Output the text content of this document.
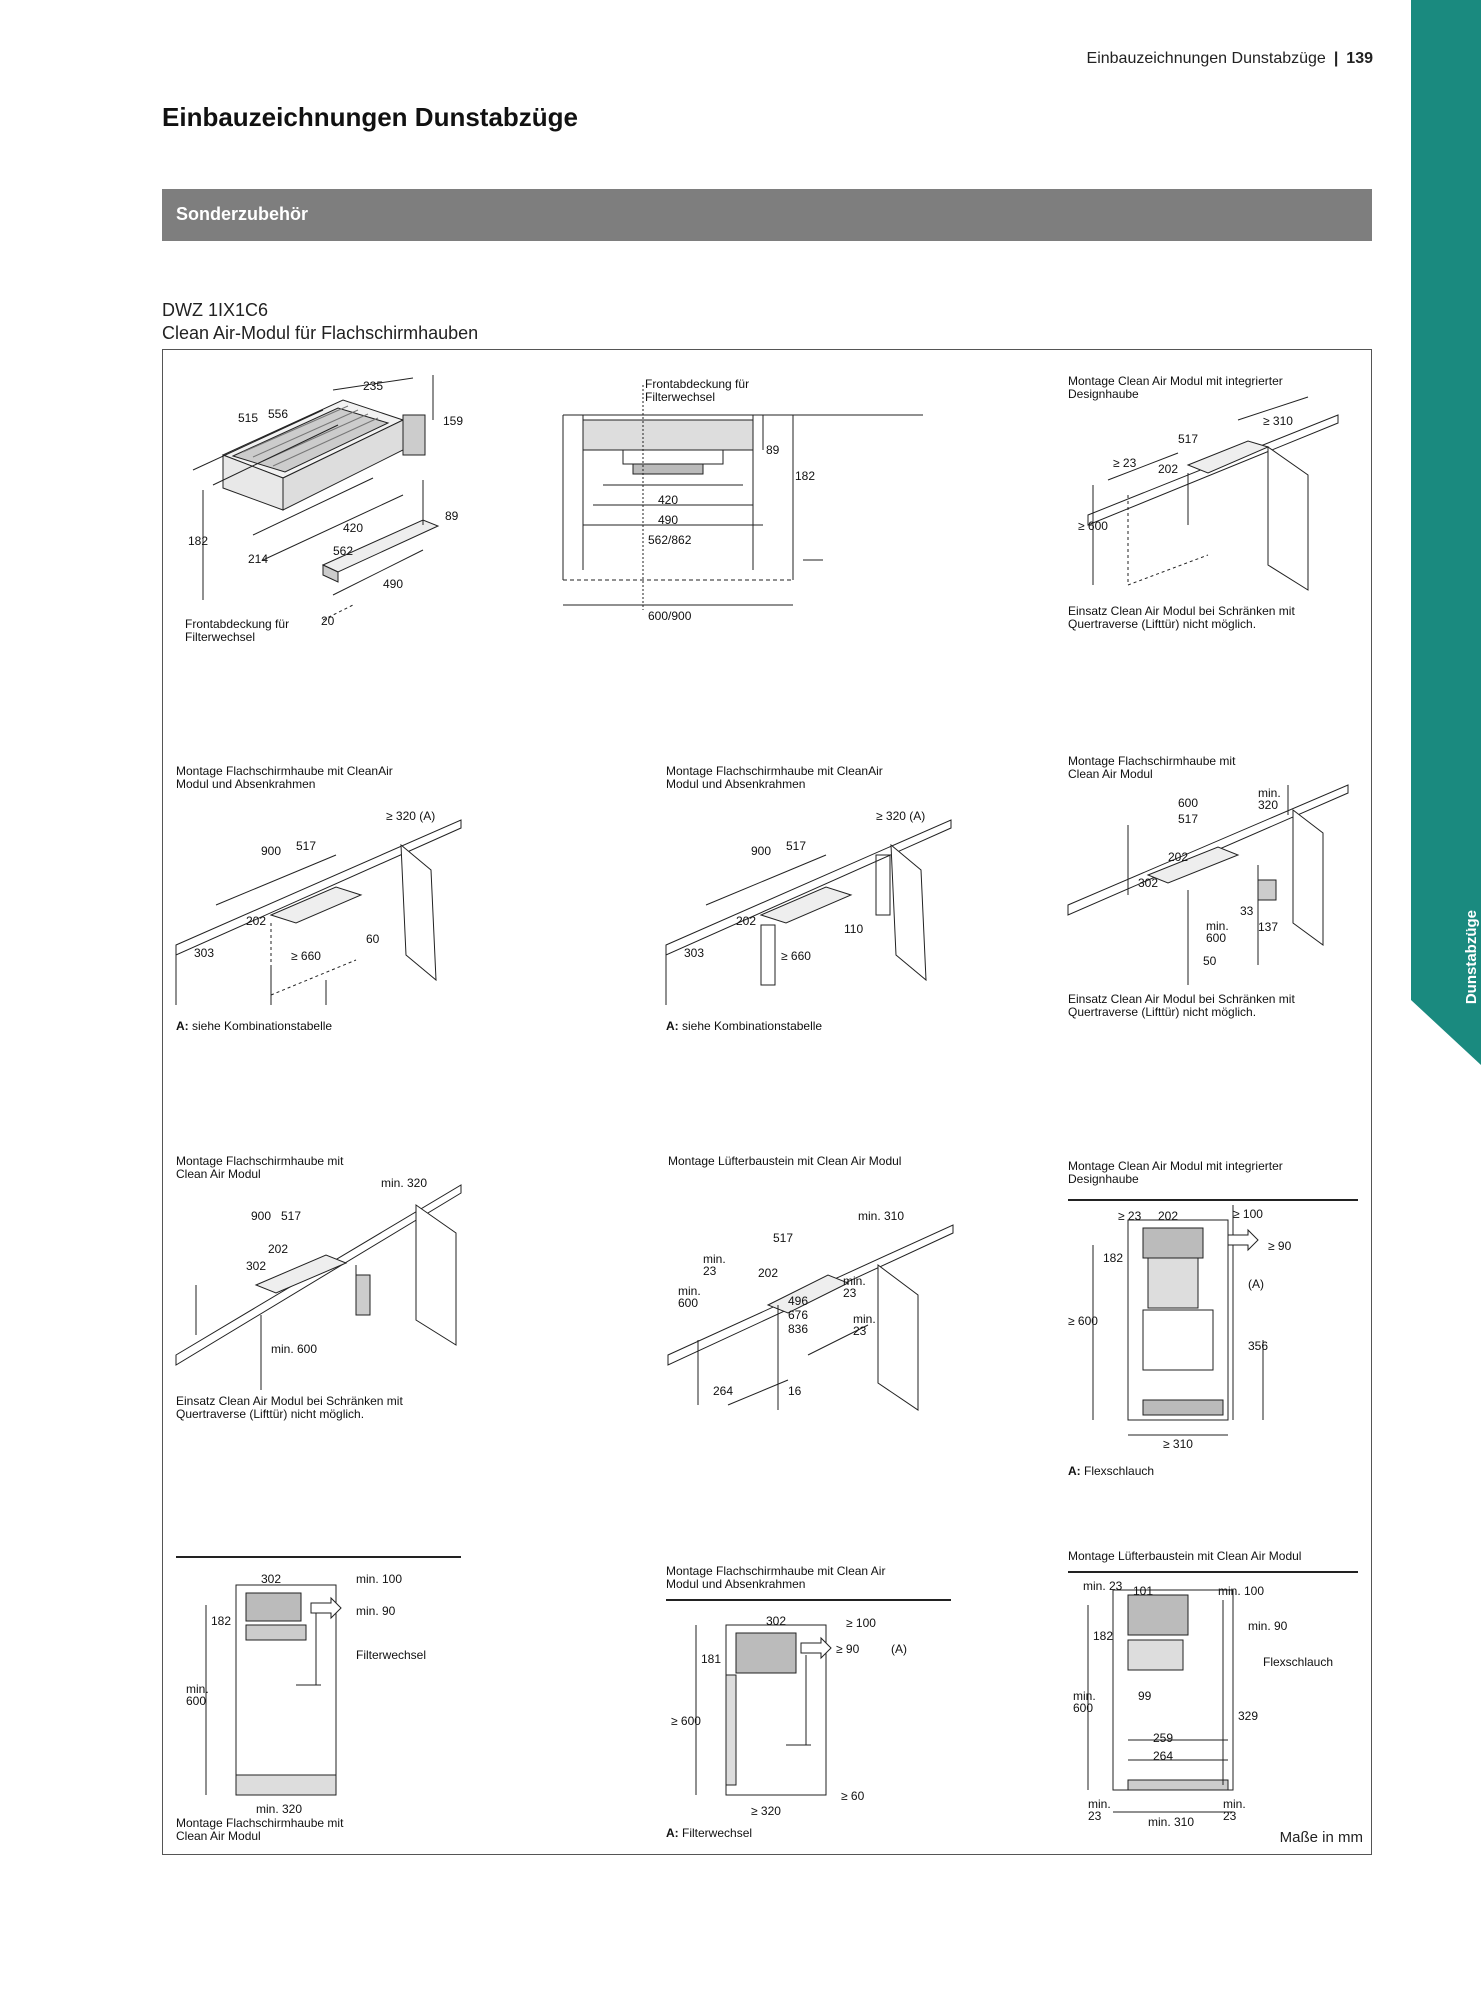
Einbauzeichnungen Dunstabzüge | 139
Dunstabzüge
Einbauzeichnungen Dunstabzüge
Sonderzubehör
DWZ 1IX1C6
Clean Air-Modul für Flachschirmhauben
235
515 556	159
182
420
89
214
562
490
20
Frontabdeckung für Filterwechsel
Frontabdeckung für Filterwechsel
89
182
420
490
562/862
600/900
Montage Clean Air Modul mit integrierter Designhaube
≥ 310
517
≥ 23 202
≥ 600
Einsatz Clean Air Modul bei Schränken mit Quertraverse (Lifttür) nicht möglich.
Montage Flachschirmhaube mit CleanAir Modul und Absenkrahmen
≥ 320 (A)
900 517
202
60
303	≥ 660
A: siehe Kombinationstabelle
Montage Flachschirmhaube mit CleanAir Modul und Absenkrahmen
≥ 320 (A)
900 517
202
110
303	≥ 660
A: siehe Kombinationstabelle
Montage Flachschirmhaube mit Clean Air Modul
600
min. 320
517
202
302
33
137
min. 600
50
Einsatz Clean Air Modul bei Schränken mit Quertraverse (Lifttür) nicht möglich.
Montage Flachschirmhaube mit Clean Air Modul
min. 320
900 517
202
302
min. 600
Einsatz Clean Air Modul bei Schränken mit Quertraverse (Lifttür) nicht möglich.
Montage Lüfterbaustein mit Clean Air Modul
min. 310
517
min. 23	202
min. 600	496
676
836
min. 23
min. 23
264	16
Montage Clean Air Modul mit integrierter Designhaube
≥ 23 202	≥ 100
182
≥ 90
≥ 600
356
≥ 310
(A)
A: Flexschlauch
302	min. 100
182
min. 90
min. 600
min. 320
Filterwechsel
Montage Flachschirmhaube mit Clean Air Modul
Montage Flachschirmhaube mit Clean Air Modul und Absenkrahmen
302	≥ 100
181
≥ 90
≥ 600
≥ 60
≥ 320
(A)
A: Filterwechsel
Montage Lüfterbaustein mit Clean Air Modul
min. 23 101	min. 100
182
min. 90
99
min. 600
259
264
329
min. 23	min. 310
min. 23
Flexschlauch
Maße in mm
